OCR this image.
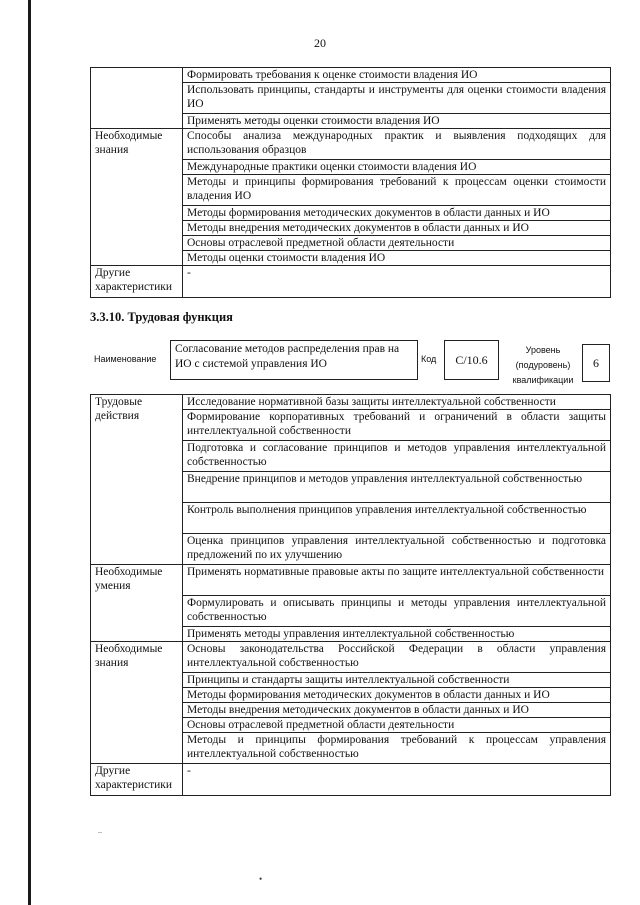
20
	Формировать требования к оценке стоимости владения ИО
	Использовать принципы, стандарты и инструменты для оценки стоимости владения ИО
	Применять методы оценки стоимости владения ИО
Необходимые знания	Способы анализа международных практик и выявления подходящих для использования образцов
	Международные практики оценки стоимости владения ИО
	Методы и принципы формирования требований к процессам оценки стоимости владения ИО
	Методы формирования методических документов в области данных и ИО
	Методы внедрения методических документов в области данных и ИО
	Основы отраслевой предметной области деятельности
	Методы оценки стоимости владения ИО
Другие характеристики	-
3.3.10. Трудовая функция
Наименование
Согласование методов распределения прав на ИО с системой управления ИО	Код	С/10.6
Уровень (подуровень) квалификации
6
Трудовые действия	Исследование нормативной базы защиты интеллектуальной собственности
	Формирование корпоративных требований и ограничений в области защиты интеллектуальной собственности
	Подготовка и согласование принципов и методов управления интеллектуальной собственностью
	Внедрение принципов и методов управления интеллектуальной собственностью
	Контроль выполнения принципов управления интеллектуальной собственностью
	Оценка принципов управления интеллектуальной собственностью и подготовка предложений по их улучшению
Необходимые умения	Применять нормативные правовые акты по защите интеллектуальной собственности
	Формулировать и описывать принципы и методы управления интеллектуальной собственностью
	Применять методы управления интеллектуальной собственностью
Необходимые знания	Основы законодательства Российской Федерации в области управления интеллектуальной собственностью
	Принципы и стандарты защиты интеллектуальной собственности
	Методы формирования методических документов в области данных и ИО
	Методы внедрения методических документов в области данных и ИО
	Основы отраслевой предметной области деятельности
	Методы и принципы формирования требований к процессам управления интеллектуальной собственностью
Другие характеристики	-
..
•
